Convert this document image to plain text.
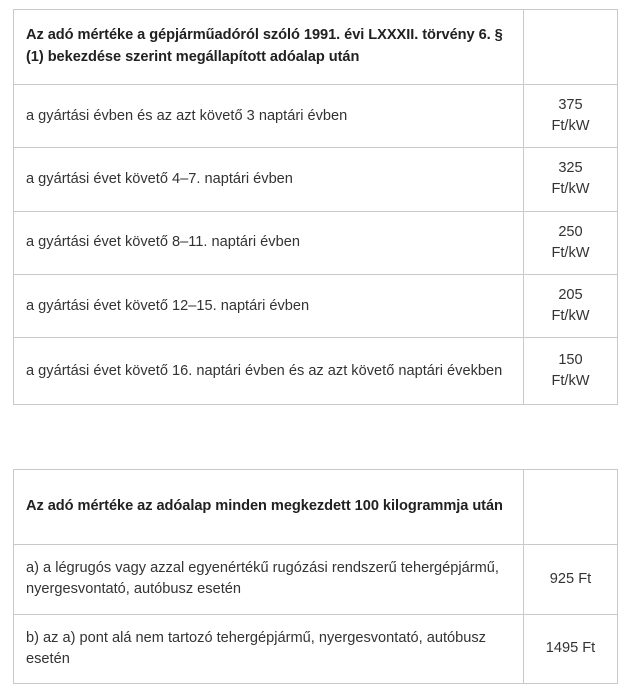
Az adó mértéke a gépjárműadóról szóló 1991. évi LXXXII. törvény 6. § (1) bekezdése szerint megállapított adóalap után	
a gyártási évben és az azt követő 3 naptári évben	375
Ft/kW

a gyártási évet követő 4–7. naptári évben	325
Ft/kW

a gyártási évet követő 8–11. naptári évben	250
Ft/kW

a gyártási évet követő 12–15. naptári évben	205
Ft/kW

a gyártási évet követő 16. naptári évben és az azt követő naptári években	150
Ft/kW
Az adó mértéke az adóalap minden megkezdett 100 kilogrammja után	
a) a légrugós vagy azzal egyenértékű rugózási rendszerű tehergépjármű, nyergesvontató, autóbusz esetén	925 Ft
b) az a) pont alá nem tartozó tehergépjármű, nyergesvontató, autóbusz esetén	1495 Ft
